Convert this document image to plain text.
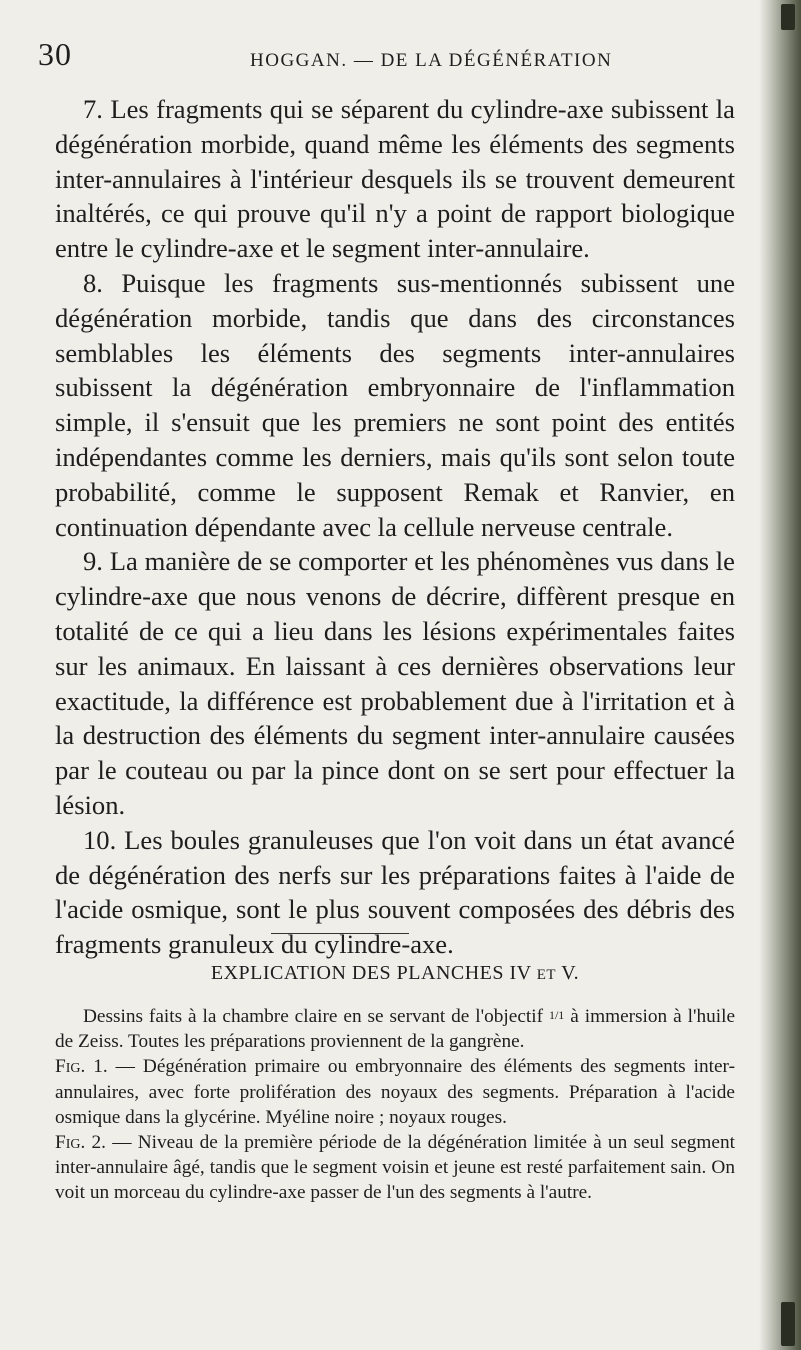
30	HOGGAN. — DE LA DÉGÉNÉRATION

7. Les fragments qui se séparent du cylindre-axe subissent la dégénération morbide, quand même les éléments des segments inter-annulaires à l'intérieur desquels ils se trouvent demeurent inaltérés, ce qui prouve qu'il n'y a point de rapport biologique entre le cylindre-axe et le segment inter-annulaire.

8. Puisque les fragments sus-mentionnés subissent une dégénération morbide, tandis que dans des circonstances semblables les éléments des segments inter-annulaires subissent la dégénération embryonnaire de l'inflammation simple, il s'ensuit que les premiers ne sont point des entités indépendantes comme les derniers, mais qu'ils sont selon toute probabilité, comme le supposent Remak et Ranvier, en continuation dépendante avec la cellule nerveuse centrale.

9. La manière de se comporter et les phénomènes vus dans le cylindre-axe que nous venons de décrire, diffèrent presque en totalité de ce qui a lieu dans les lésions expérimentales faites sur les animaux. En laissant à ces dernières observations leur exactitude, la différence est probablement due à l'irritation et à la destruction des éléments du segment inter-annulaire causées par le couteau ou par la pince dont on se sert pour effectuer la lésion.

10. Les boules granuleuses que l'on voit dans un état avancé de dégénération des nerfs sur les préparations faites à l'aide de l'acide osmique, sont le plus souvent composées des débris des fragments granuleux du cylindre-axe.

EXPLICATION DES PLANCHES IV ET V.

Dessins faits à la chambre claire en se servant de l'objectif 1/1 à immersion à l'huile de Zeiss. Toutes les préparations proviennent de la gangrène.

Fig. 1. — Dégénération primaire ou embryonnaire des éléments des segments inter-annulaires, avec forte prolifération des noyaux des segments. Préparation à l'acide osmique dans la glycérine. Myéline noire ; noyaux rouges.

Fig. 2. — Niveau de la première période de la dégénération limitée à un seul segment inter-annulaire âgé, tandis que le segment voisin et jeune est resté parfaitement sain. On voit un morceau du cylindre-axe passer de l'un des segments à l'autre.
